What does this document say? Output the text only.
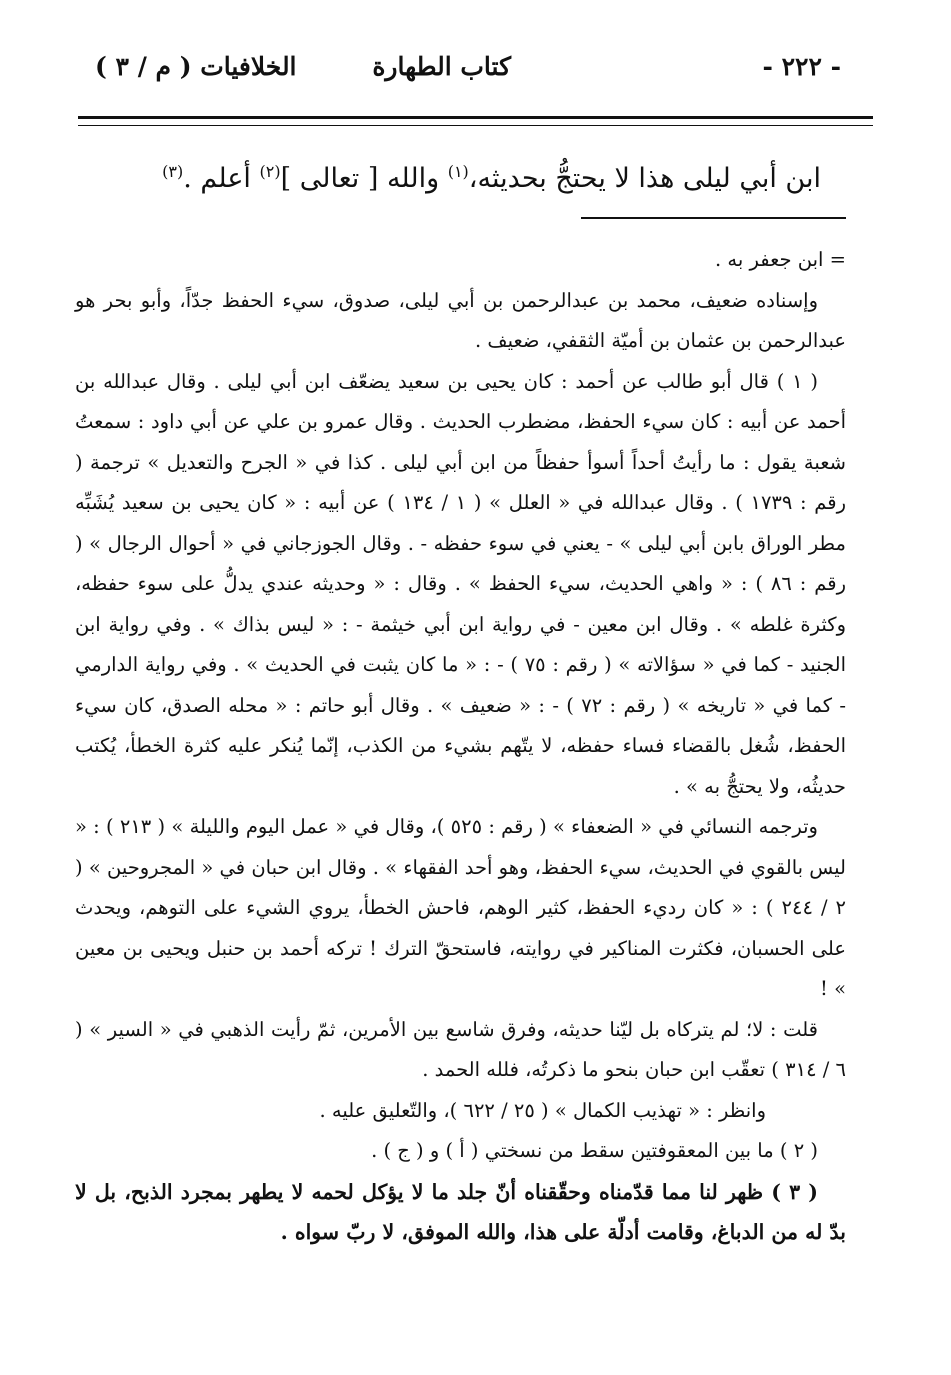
- ٢٢٢ -
كتاب الطهارة
الخلافيات ( م / ٣ )
ابن أبي ليلى هذا لا يحتجُّ بحديثه،$^{(١)}$ والله [ تعالى ]$^{(٢)}$ أعلم .$^{(٣)}$

= ابن جعفر به .

وإسناده ضعيف، محمد بن عبدالرحمن بن أبي ليلى، صدوق، سيء الحفظ جدّاً، وأبو بحر هو عبدالرحمن بن عثمان بن أميّة الثقفي، ضعيف .

( ١ ) قال أبو طالب عن أحمد : كان يحيى بن سعيد يضعّف ابن أبي ليلى . وقال عبدالله بن أحمد عن أبيه : كان سيء الحفظ، مضطرب الحديث . وقال عمرو بن علي عن أبي داود : سمعتُ شعبة يقول : ما رأيتُ أحداً أسوأ حفظاً من ابن أبي ليلى . كذا في « الجرح والتعديل » ترجمة ( رقم : ١٧٣٩ ) . وقال عبدالله في « العلل » ( ١ / ١٣٤ ) عن أبيه : « كان يحيى بن سعيد يُشَبِّه مطر الوراق بابن أبي ليلى » - يعني في سوء حفظه - . وقال الجوزجاني في « أحوال الرجال » ( رقم : ٨٦ ) : « واهي الحديث، سيء الحفظ » . وقال : « وحديثه عندي يدلُّ على سوء حفظه، وكثرة غلطه » . وقال ابن معين - في رواية ابن أبي خيثمة - : « ليس بذاك » . وفي رواية ابن الجنيد - كما في « سؤالاته » ( رقم : ٧٥ ) - : « ما كان يثبت في الحديث » . وفي رواية الدارمي - كما في « تاريخه » ( رقم : ٧٢ ) - : « ضعيف » . وقال أبو حاتم : « محله الصدق، كان سيء الحفظ، شُغل بالقضاء فساء حفظه، لا يتّهم بشيء من الكذب، إنّما يُنكر عليه كثرة الخطأ، يُكتب حديثُه، ولا يحتجُّ به » .

وترجمه النسائي في « الضعفاء » ( رقم : ٥٢٥ )، وقال في « عمل اليوم والليلة » ( ٢١٣ ) : « ليس بالقوي في الحديث، سيء الحفظ، وهو أحد الفقهاء » . وقال ابن حبان في « المجروحين » ( ٢ / ٢٤٤ ) : « كان رديء الحفظ، كثير الوهم، فاحش الخطأ، يروي الشيء على التوهم، ويحدث على الحسبان، فكثرت المناكير في روايته، فاستحقّ الترك ! تركه أحمد بن حنبل ويحيى بن معين » !

قلت : لا؛ لم يتركاه بل ليّنا حديثه، وفرق شاسع بين الأمرين، ثمّ رأيت الذهبي في « السير » ( ٦ / ٣١٤ ) تعقّب ابن حبان بنحو ما ذكرتُه، فلله الحمد .

وانظر : « تهذيب الكمال » ( ٢٥ / ٦٢٢ )، والتّعليق عليه .

( ٢ ) ما بين المعقوفتين سقط من نسختي ( أ ) و ( ج ) .

( ٣ ) ظهر لنا مما قدّمناه وحقّقناه أنّ جلد ما لا يؤكل لحمه لا يطهر بمجرد الذبح، بل لا بدّ له من الدباغ، وقامت أدلّة على هذا، والله الموفق، لا ربّ سواه .
